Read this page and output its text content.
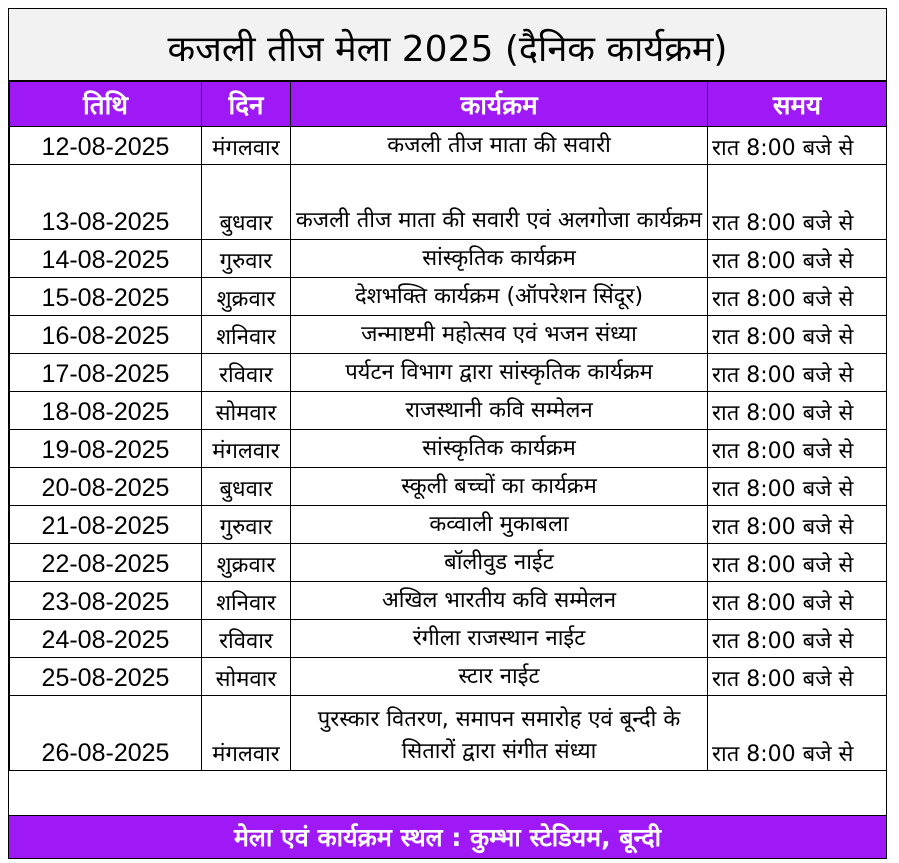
कजली तीज मेला 2025 (दैनिक कार्यक्रम)
तिथि	दिन	कार्यक्रम	समय
12-08-2025	मंगलवार	कजली तीज माता की सवारी	रात 8:00 बजे से
13-08-2025	बुधवार	कजली तीज माता की सवारी एवं अलगोजा कार्यक्रम	रात 8:00 बजे से
14-08-2025	गुरुवार	सांस्कृतिक कार्यक्रम	रात 8:00 बजे से
15-08-2025	शुक्रवार	देशभक्ति कार्यक्रम (ऑपरेशन सिंदूर)	रात 8:00 बजे से
16-08-2025	शनिवार	जन्माष्टमी महोत्सव एवं भजन संध्या	रात 8:00 बजे से
17-08-2025	रविवार	पर्यटन विभाग द्वारा सांस्कृतिक कार्यक्रम	रात 8:00 बजे से
18-08-2025	सोमवार	राजस्थानी कवि सम्मेलन	रात 8:00 बजे से
19-08-2025	मंगलवार	सांस्कृतिक कार्यक्रम	रात 8:00 बजे से
20-08-2025	बुधवार	स्कूली बच्चों का कार्यक्रम	रात 8:00 बजे से
21-08-2025	गुरुवार	कव्वाली मुकाबला	रात 8:00 बजे से
22-08-2025	शुक्रवार	बॉलीवुड नाईट	रात 8:00 बजे से
23-08-2025	शनिवार	अखिल भारतीय कवि सम्मेलन	रात 8:00 बजे से
24-08-2025	रविवार	रंगीला राजस्थान नाईट	रात 8:00 बजे से
25-08-2025	सोमवार	स्टार नाईट	रात 8:00 बजे से
26-08-2025	मंगलवार	पुरस्कार वितरण, समापन समारोह एवं बून्दी के सितारों द्वारा संगीत संध्या	रात 8:00 बजे से
मेला एवं कार्यक्रम स्थल : कुम्भा स्टेडियम, बून्दी
